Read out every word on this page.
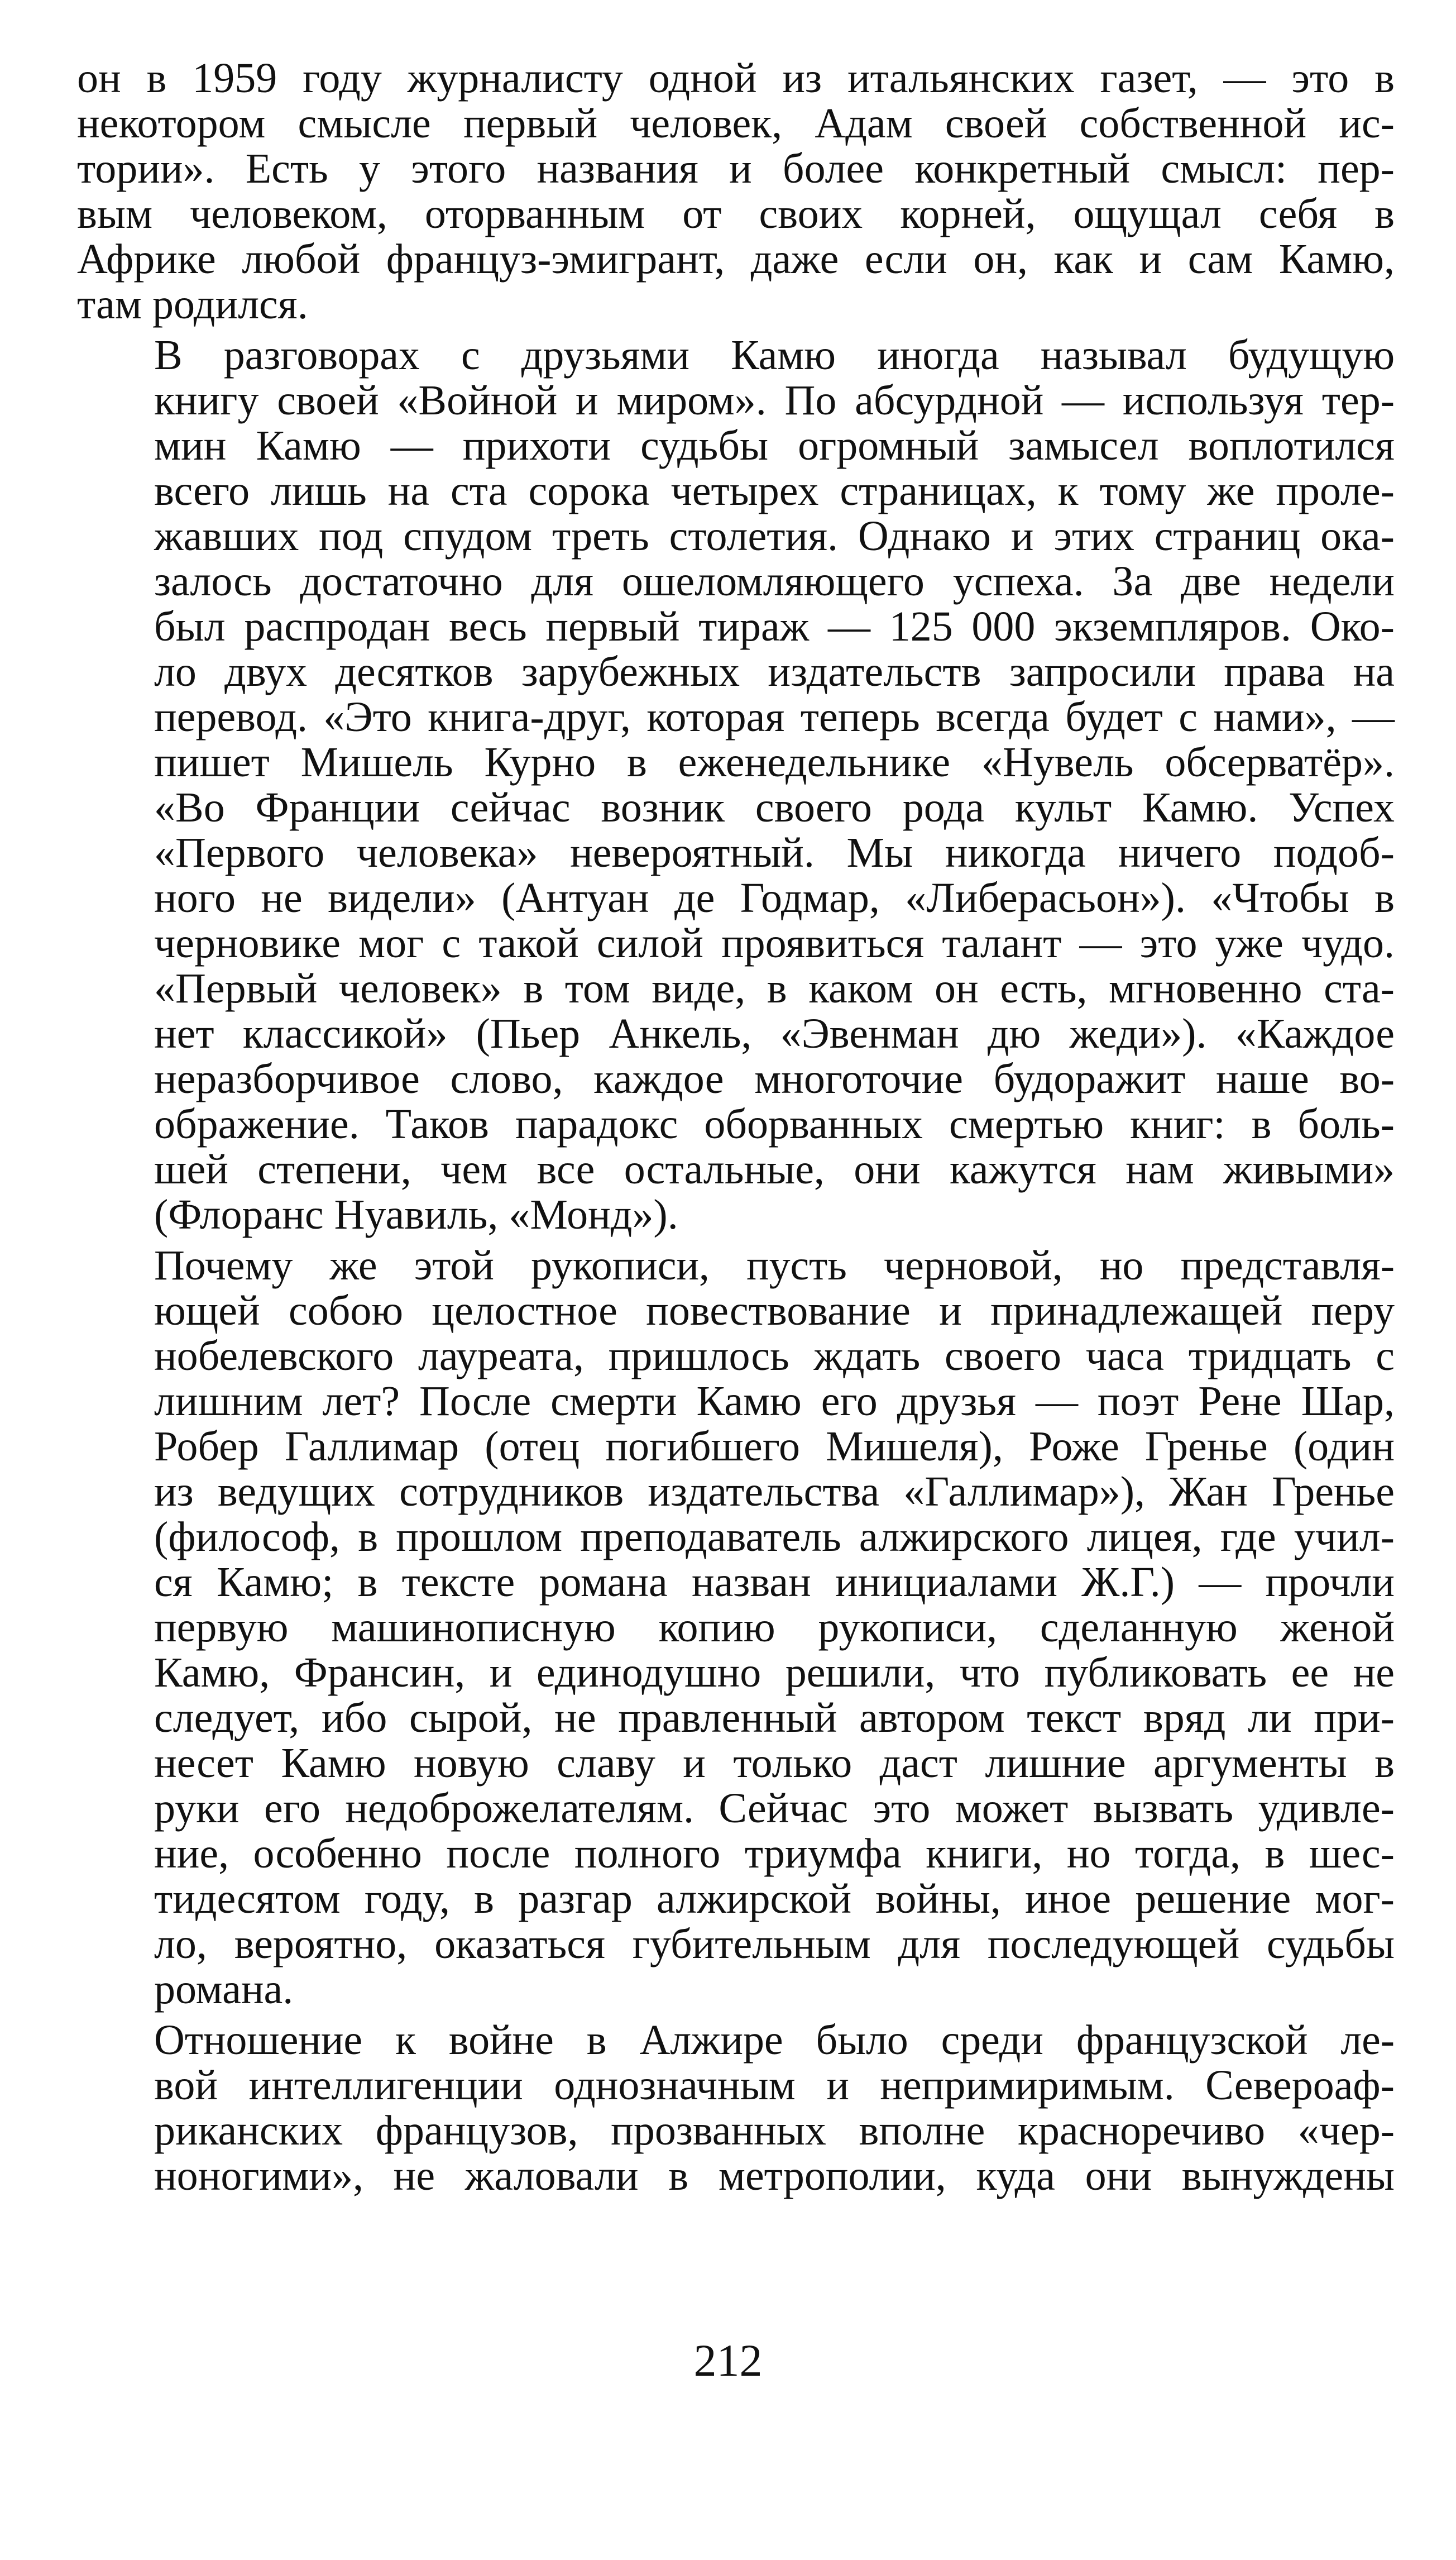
он в 1959 году журналисту одной из итальянских газет, — это в
некотором смысле первый человек, Адам своей собственной ис-
тории». Есть у этого названия и более конкретный смысл: пер-
вым человеком, оторванным от своих корней, ощущал себя в
Африке любой француз-эмигрант, даже если он, как и сам Камю,
там родился.

В разговорах с друзьями Камю иногда называл будущую
книгу своей «Войной и миром». По абсурдной — используя тер-
мин Камю — прихоти судьбы огромный замысел воплотился
всего лишь на ста сорока четырех страницах, к тому же проле-
жавших под спудом треть столетия. Однако и этих страниц ока-
залось достаточно для ошеломляющего успеха. За две недели
был распродан весь первый тираж — 125 000 экземпляров. Око-
ло двух десятков зарубежных издательств запросили права на
перевод. «Это книга-друг, которая теперь всегда будет с нами», —
пишет Мишель Курно в еженедельнике «Нувель обсерватёр».
«Во Франции сейчас возник своего рода культ Камю. Успех
«Первого человека» невероятный. Мы никогда ничего подоб-
ного не видели» (Антуан де Годмар, «Либерасьон»). «Чтобы в
черновике мог с такой силой проявиться талант — это уже чудо.
«Первый человек» в том виде, в каком он есть, мгновенно ста-
нет классикой» (Пьер Анкель, «Эвенман дю жеди»). «Каждое
неразборчивое слово, каждое многоточие будоражит наше во-
ображение. Таков парадокс оборванных смертью книг: в боль-
шей степени, чем все остальные, они кажутся нам живыми»
(Флоранс Нуавиль, «Монд»).

Почему же этой рукописи, пусть черновой, но представля-
ющей собою целостное повествование и принадлежащей перу
нобелевского лауреата, пришлось ждать своего часа тридцать с
лишним лет? После смерти Камю его друзья — поэт Рене Шар,
Робер Галлимар (отец погибшего Мишеля), Роже Гренье (один
из ведущих сотрудников издательства «Галлимар»), Жан Гренье
(философ, в прошлом преподаватель алжирского лицея, где учил-
ся Камю; в тексте романа назван инициалами Ж.Г.) — прочли
первую машинописную копию рукописи, сделанную женой
Камю, Франсин, и единодушно решили, что публиковать ее не
следует, ибо сырой, не правленный автором текст вряд ли при-
несет Камю новую славу и только даст лишние аргументы в
руки его недоброжелателям. Сейчас это может вызвать удивле-
ние, особенно после полного триумфа книги, но тогда, в шес-
тидесятом году, в разгар алжирской войны, иное решение мог-
ло, вероятно, оказаться губительным для последующей судьбы
романа.

Отношение к войне в Алжире было среди французской ле-
вой интеллигенции однозначным и непримиримым. Североаф-
риканских французов, прозванных вполне красноречиво «чер-
ноногими», не жаловали в метрополии, куда они вынуждены

212
